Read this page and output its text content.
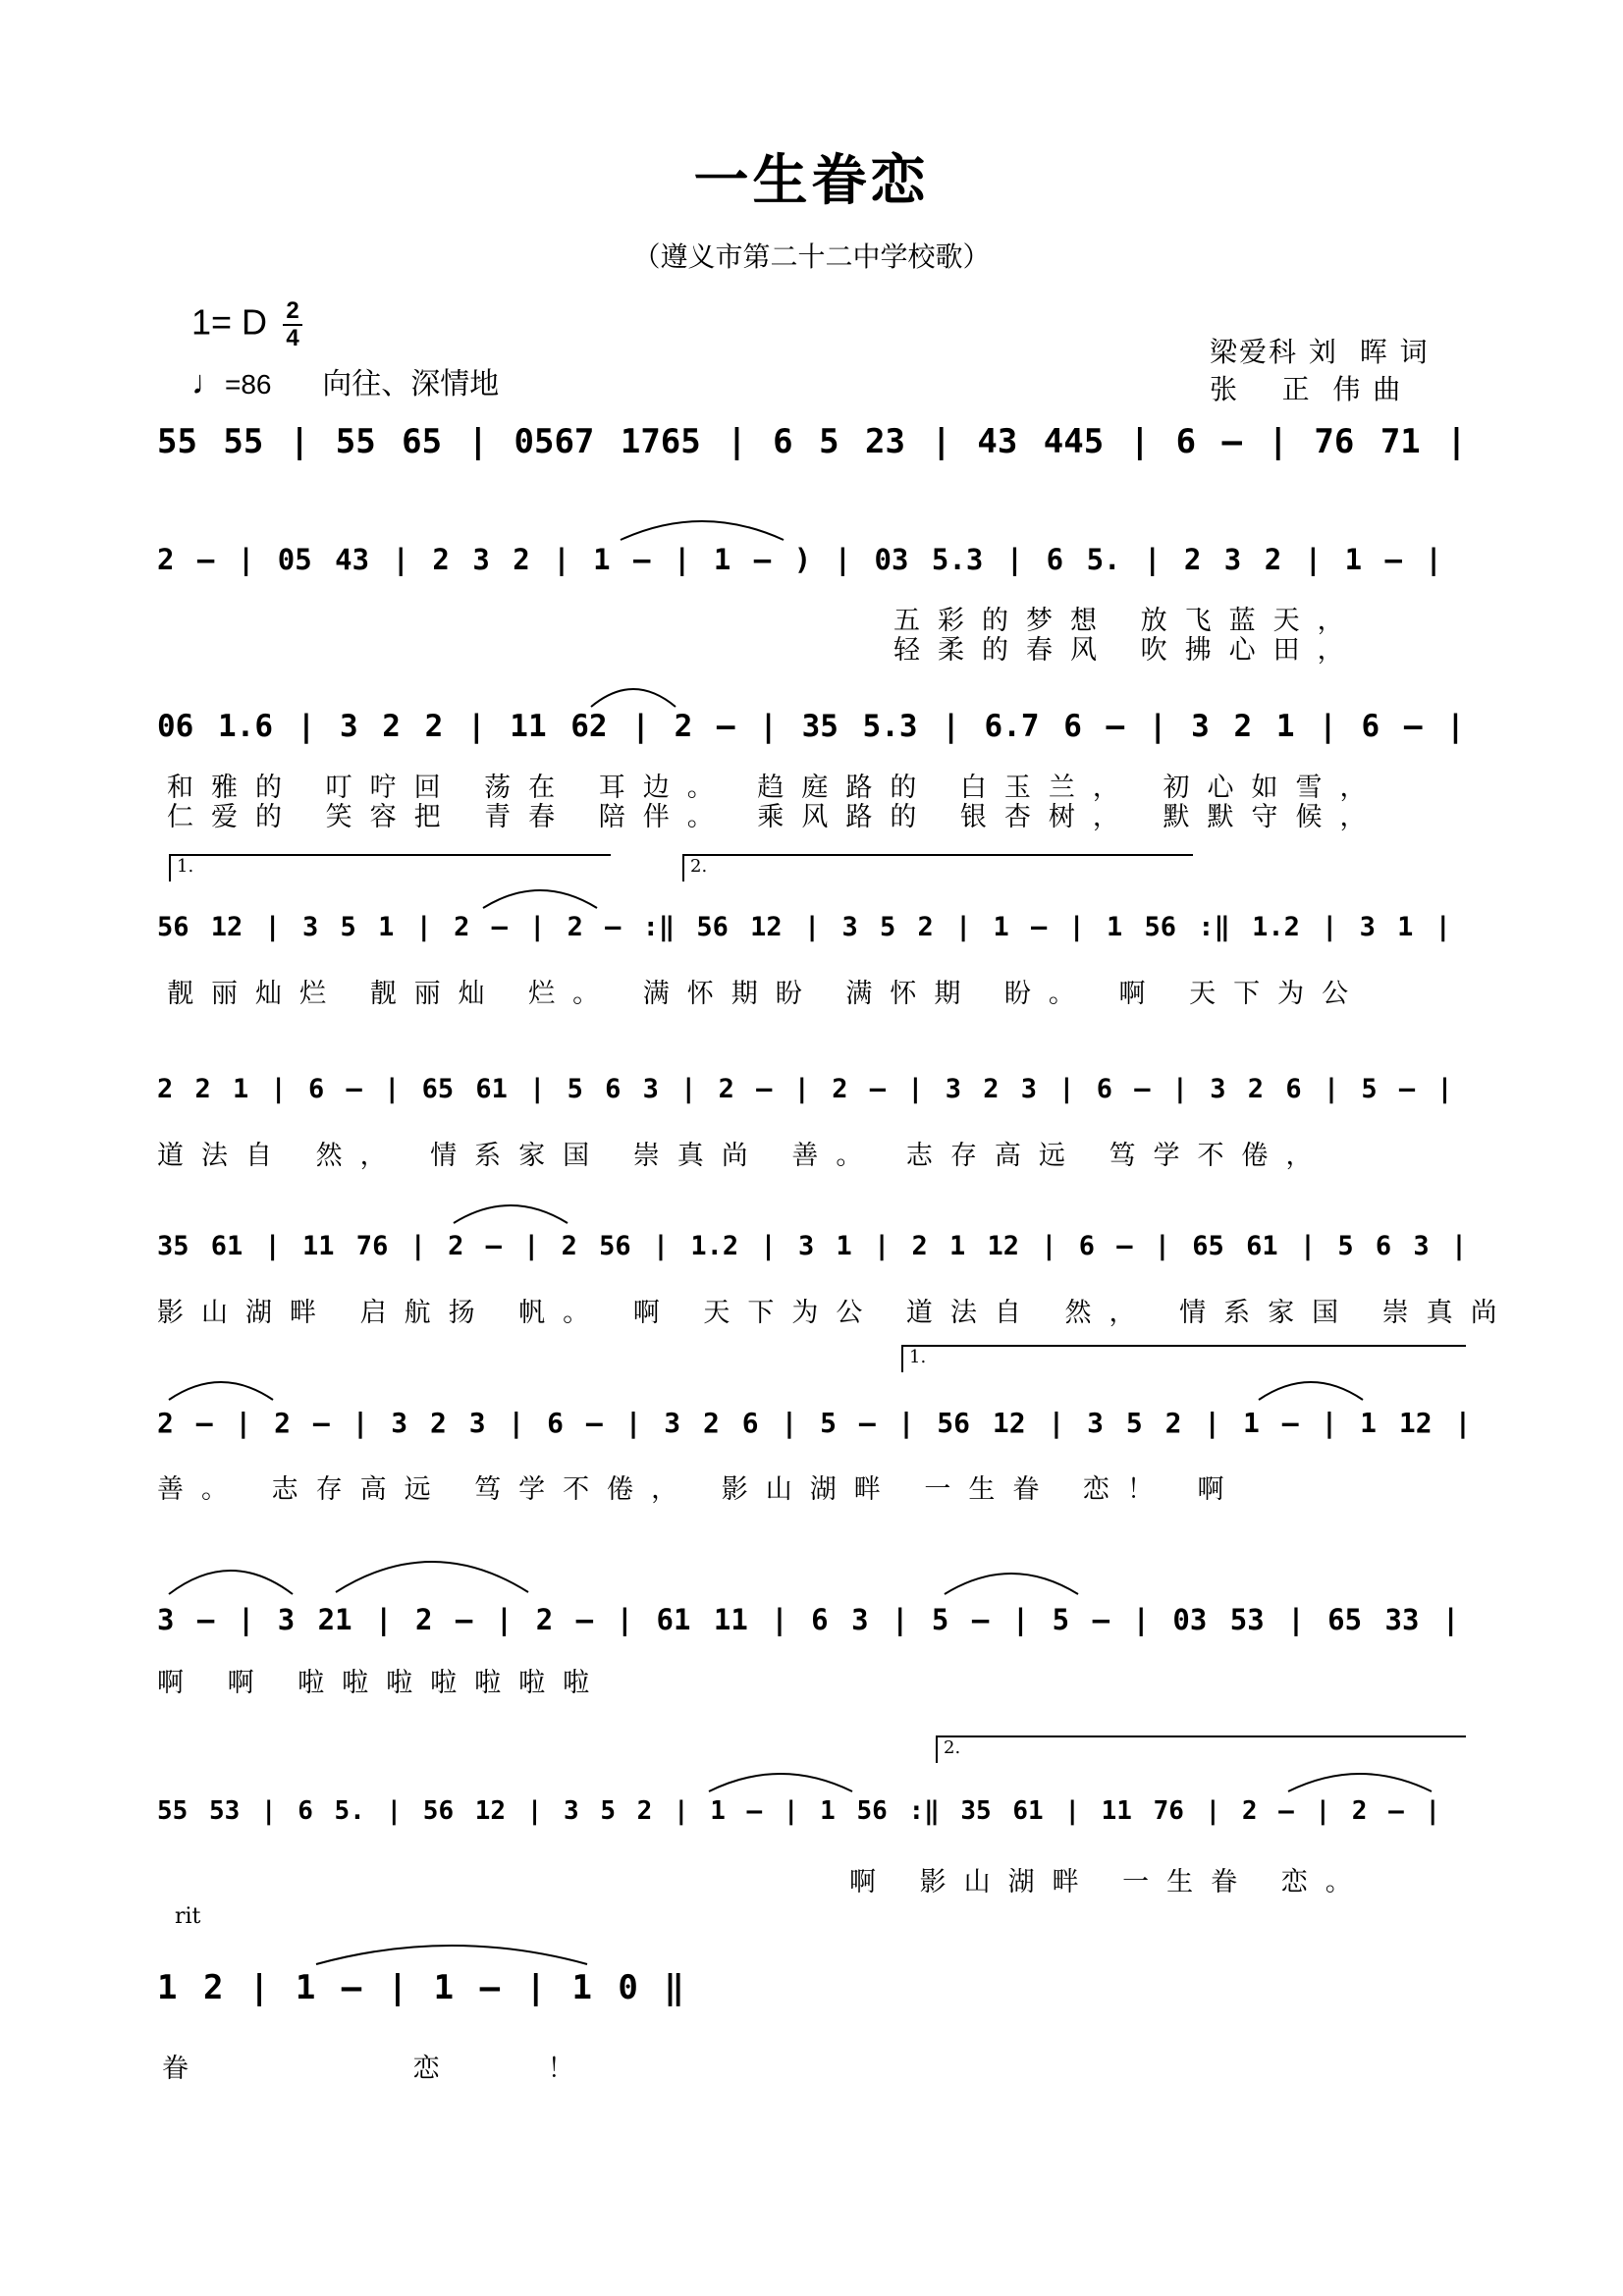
一生眷恋
（遵义市第二十二中学校歌）
1= D $\frac{2}{4}$
♩=86 向往、深情地
梁爱科 刘  晖 词
张    正  伟 曲
55 55 | 55 65 | 0567 1765 | 6 5 23 | 43 445 | 6 – | 76 71 |
2 – | 05 43 | 2 3 2 | 1 – | 1 – ) | 03 5.3 | 6 5. | 2 3 2 | 1 – |
五彩的梦想 放飞蓝天，
轻柔的春风 吹拂心田，
06 1.6 | 3 2 2 | 11 62 | 2 – | 35 5.3 | 6.7 6 – | 3 2 1 | 6 – |
和雅的 叮咛回 荡在 耳边。 趋庭路的 白玉兰， 初心如雪，
仁爱的 笑容把 青春 陪伴。 乘风路的 银杏树， 默默守候，
1.	2.
56 12 | 3 5 1 | 2 – | 2 – :‖ 56 12 | 3 5 2 | 1 – | 1 56 :‖ 1.2 | 3 1 |
靓丽灿烂 靓丽灿 烂。 满怀期盼 满怀期 盼。 啊 天下为公
2 2 1 | 6 – | 65 61 | 5 6 3 | 2 – | 2 – | 3 2 3 | 6 – | 3 2 6 | 5 – |
道法自 然， 情系家国 崇真尚 善。 志存高远 笃学不倦，
35 61 | 11 76 | 2 – | 2 56 | 1.2 | 3 1 | 2 1 12 | 6 – | 65 61 | 5 6 3 |
影山湖畔 启航扬 帆。 啊 天下为公 道法自 然， 情系家国 崇真尚
1.
2 – | 2 – | 3 2 3 | 6 – | 3 2 6 | 5 – | 56 12 | 3 5 2 | 1 – | 1 12 |
善。 志存高远 笃学不倦， 影山湖畔 一生眷 恋！ 啊
3 – | 3 21 | 2 – | 2 – | 61 11 | 6 3 | 5 – | 5 – | 03 53 | 65 33 |
啊 啊 啦啦啦啦啦啦啦
2.
55 53 | 6 5. | 56 12 | 3 5 2 | 1 – | 1 56 :‖ 35 61 | 11 76 | 2 – | 2 – |
啊 影山湖畔 一生眷 恋。
rit
1 2 | 1 – | 1 – | 1 0 ‖
眷 恋！
